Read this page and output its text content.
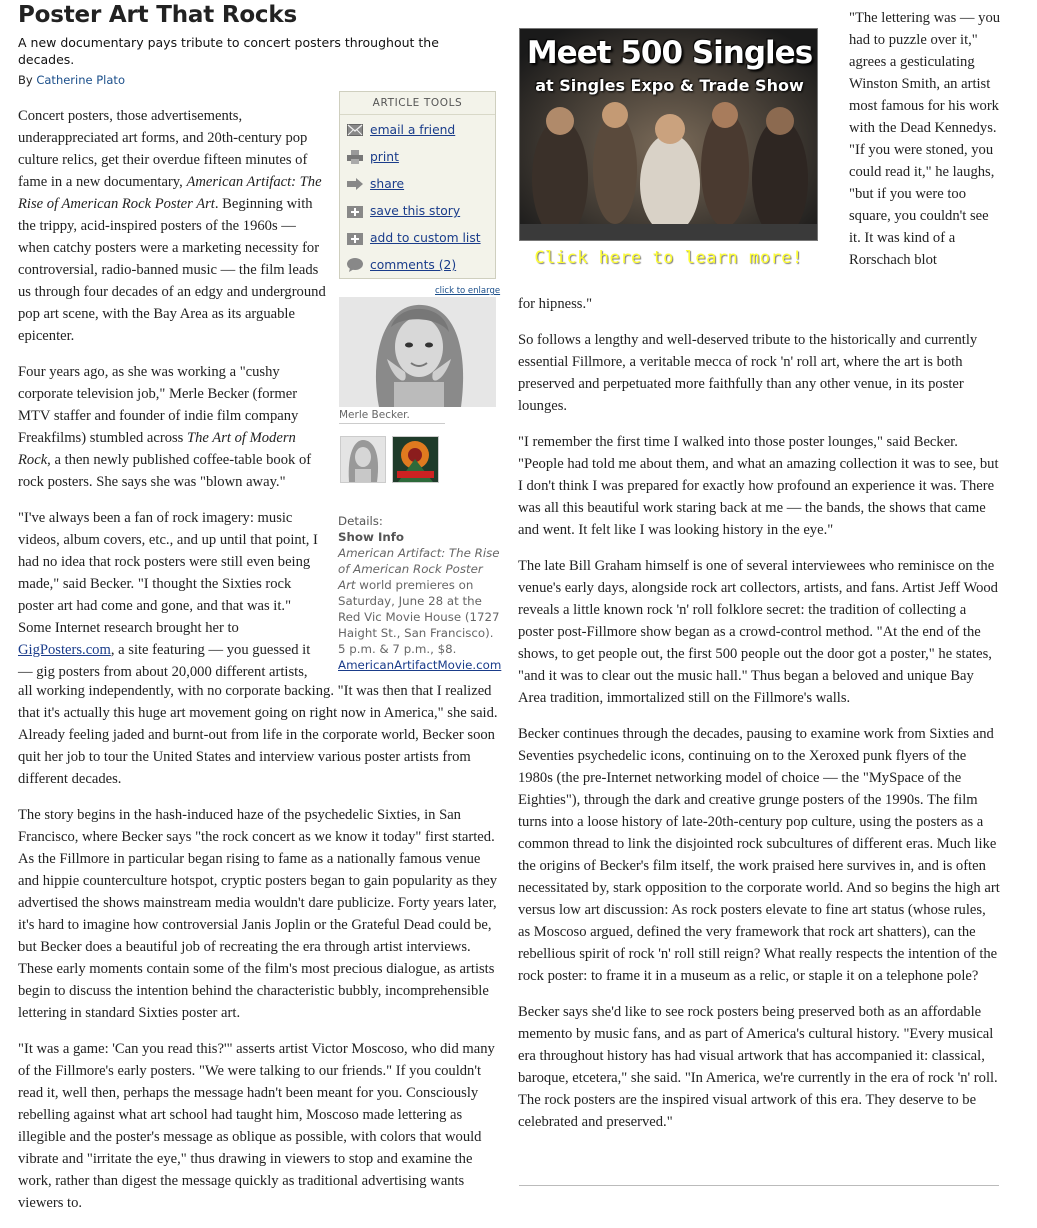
Poster Art That Rocks
A new documentary pays tribute to concert posters throughout the decades.
By Catherine Plato

Concert posters, those advertisements, underappreciated art forms, and 20th-century pop culture relics, get their overdue fifteen minutes of fame in a new documentary, American Artifact: The Rise of American Rock Poster Art. Beginning with the trippy, acid-inspired posters of the 1960s — when catchy posters were a marketing necessity for controversial, radio-banned music — the film leads us through four decades of an edgy and underground pop art scene, with the Bay Area as its arguable epicenter.

Four years ago, as she was working a "cushy corporate television job," Merle Becker (former MTV staffer and founder of indie film company Freakfilms) stumbled across The Art of Modern Rock, a then newly published coffee-table book of rock posters. She says she was "blown away."

"I've always been a fan of rock imagery: music videos, album covers, etc., and up until that point, I had no idea that rock posters were still even being made," said Becker. "I thought the Sixties rock poster art had come and gone, and that was it." Some Internet research brought her to GigPosters.com, a site featuring — you guessed it — gig posters from about 20,000 different artists,

all working independently, with no corporate backing. "It was then that I realized that it's actually this huge art movement going on right now in America," she said. Already feeling jaded and burnt-out from life in the corporate world, Becker soon quit her job to tour the United States and interview various poster artists from different decades.

The story begins in the hash-induced haze of the psychedelic Sixties, in San Francisco, where Becker says "the rock concert as we know it today" first started. As the Fillmore in particular began rising to fame as a nationally famous venue and hippie counterculture hotspot, cryptic posters began to gain popularity as they advertised the shows mainstream media wouldn't dare publicize. Forty years later, it's hard to imagine how controversial Janis Joplin or the Grateful Dead could be, but Becker does a beautiful job of recreating the era through artist interviews. These early moments contain some of the film's most precious dialogue, as artists begin to discuss the intention behind the characteristic bubbly, incomprehensible lettering in standard Sixties poster art.

"It was a game: 'Can you read this?'" asserts artist Victor Moscoso, who did many of the Fillmore's early posters. "We were talking to our friends." If you couldn't read it, well then, perhaps the message hadn't been meant for you. Consciously rebelling against what art school had taught him, Moscoso made lettering as illegible and the poster's message as oblique as possible, with colors that would vibrate and "irritate the eye," thus drawing in viewers to stop and examine the work, rather than digest the message quickly as traditional advertising wants viewers to.

ARTICLE TOOLS
email a friend
print
share
save this story
add to custom list
comments (2)
click to enlarge
Merle Becker.
Details:
Show Info
American Artifact: The Rise of American Rock Poster Art world premieres on Saturday, June 28 at the Red Vic Movie House (1727 Haight St., San Francisco). 5 p.m. & 7 p.m., $8. AmericanArtifactMovie.com
Meet 500 Singles
at Singles Expo & Trade Show
Click here to learn more!

"The lettering was — you had to puzzle over it," agrees a gesticulating Winston Smith, an artist most famous for his work with the Dead Kennedys. "If you were stoned, you could read it," he laughs, "but if you were too square, you couldn't see it. It was kind of a Rorschach blot

for hipness."

So follows a lengthy and well-deserved tribute to the historically and currently essential Fillmore, a veritable mecca of rock 'n' roll art, where the art is both preserved and perpetuated more faithfully than any other venue, in its poster lounges.

"I remember the first time I walked into those poster lounges," said Becker. "People had told me about them, and what an amazing collection it was to see, but I don't think I was prepared for exactly how profound an experience it was. There was all this beautiful work staring back at me — the bands, the shows that came and went. It felt like I was looking history in the eye."

The late Bill Graham himself is one of several interviewees who reminisce on the venue's early days, alongside rock art collectors, artists, and fans. Artist Jeff Wood reveals a little known rock 'n' roll folklore secret: the tradition of collecting a poster post-Fillmore show began as a crowd-control method. "At the end of the shows, to get people out, the first 500 people out the door got a poster," he states, "and it was to clear out the music hall." Thus began a beloved and unique Bay Area tradition, immortalized still on the Fillmore's walls.

Becker continues through the decades, pausing to examine work from Sixties and Seventies psychedelic icons, continuing on to the Xeroxed punk flyers of the 1980s (the pre-Internet networking model of choice — the "MySpace of the Eighties"), through the dark and creative grunge posters of the 1990s. The film turns into a loose history of late-20th-century pop culture, using the posters as a common thread to link the disjointed rock subcultures of different eras. Much like the origins of Becker's film itself, the work praised here survives in, and is often necessitated by, stark opposition to the corporate world. And so begins the high art versus low art discussion: As rock posters elevate to fine art status (whose rules, as Moscoso argued, defined the very framework that rock art shatters), can the rebellious spirit of rock 'n' roll still reign? What really respects the intention of the rock poster: to frame it in a museum as a relic, or staple it on a telephone pole?

Becker says she'd like to see rock posters being preserved both as an affordable memento by music fans, and as part of America's cultural history. "Every musical era throughout history has had visual artwork that has accompanied it: classical, baroque, etcetera," she said. "In America, we're currently in the era of rock 'n' roll. The rock posters are the inspired visual artwork of this era. They deserve to be celebrated and preserved."
